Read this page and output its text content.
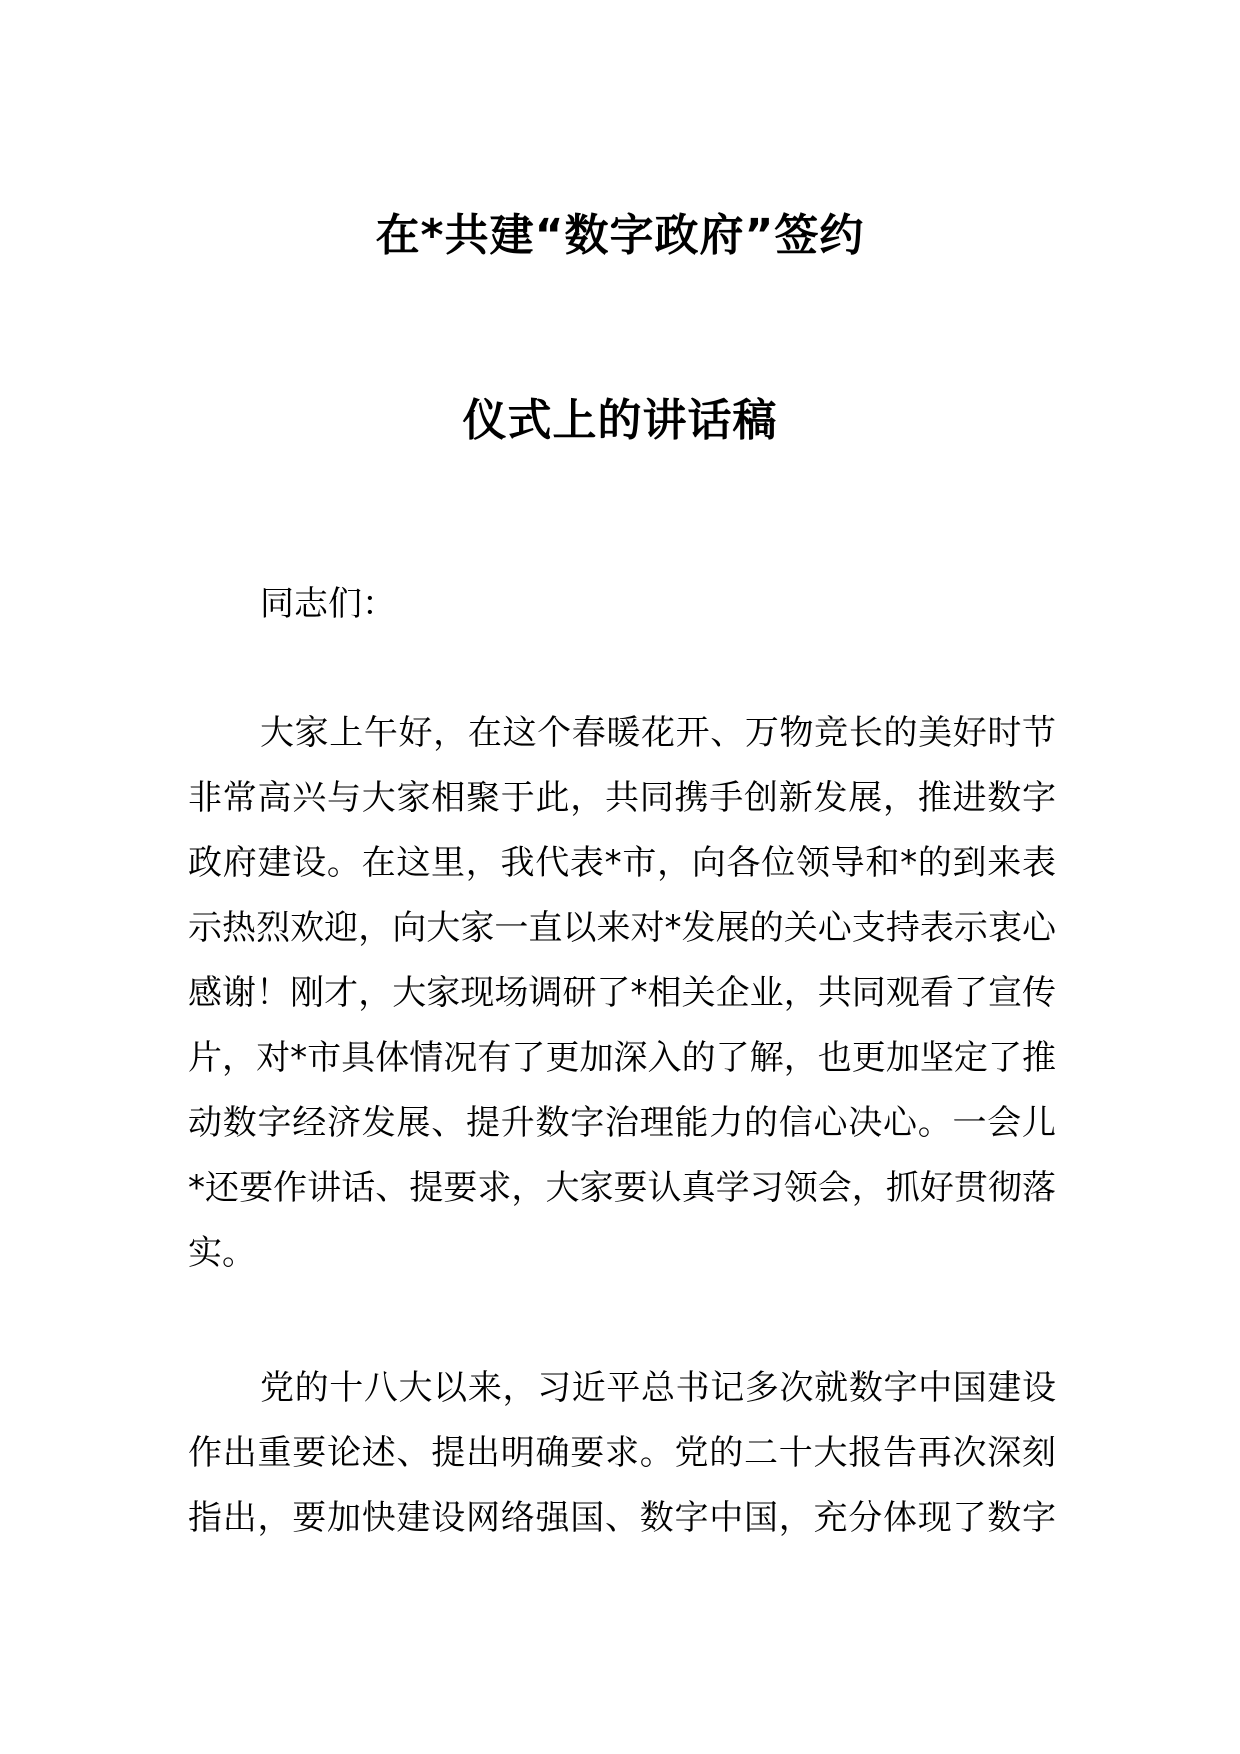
在*共建“数字政府”签约
仪式上的讲话稿
同志们：
大家上午好，在这个春暖花开、万物竞长的美好时节
非常高兴与大家相聚于此，共同携手创新发展，推进数字
政府建设。在这里，我代表*市，向各位领导和*的到来表
示热烈欢迎，向大家一直以来对*发展的关心支持表示衷心
感谢！刚才，大家现场调研了*相关企业，共同观看了宣传
片，对*市具体情况有了更加深入的了解，也更加坚定了推
动数字经济发展、提升数字治理能力的信心决心。一会儿
*还要作讲话、提要求，大家要认真学习领会，抓好贯彻落
实。
党的十八大以来，习近平总书记多次就数字中国建设
作出重要论述、提出明确要求。党的二十大报告再次深刻
指出，要加快建设网络强国、数字中国，充分体现了数字
